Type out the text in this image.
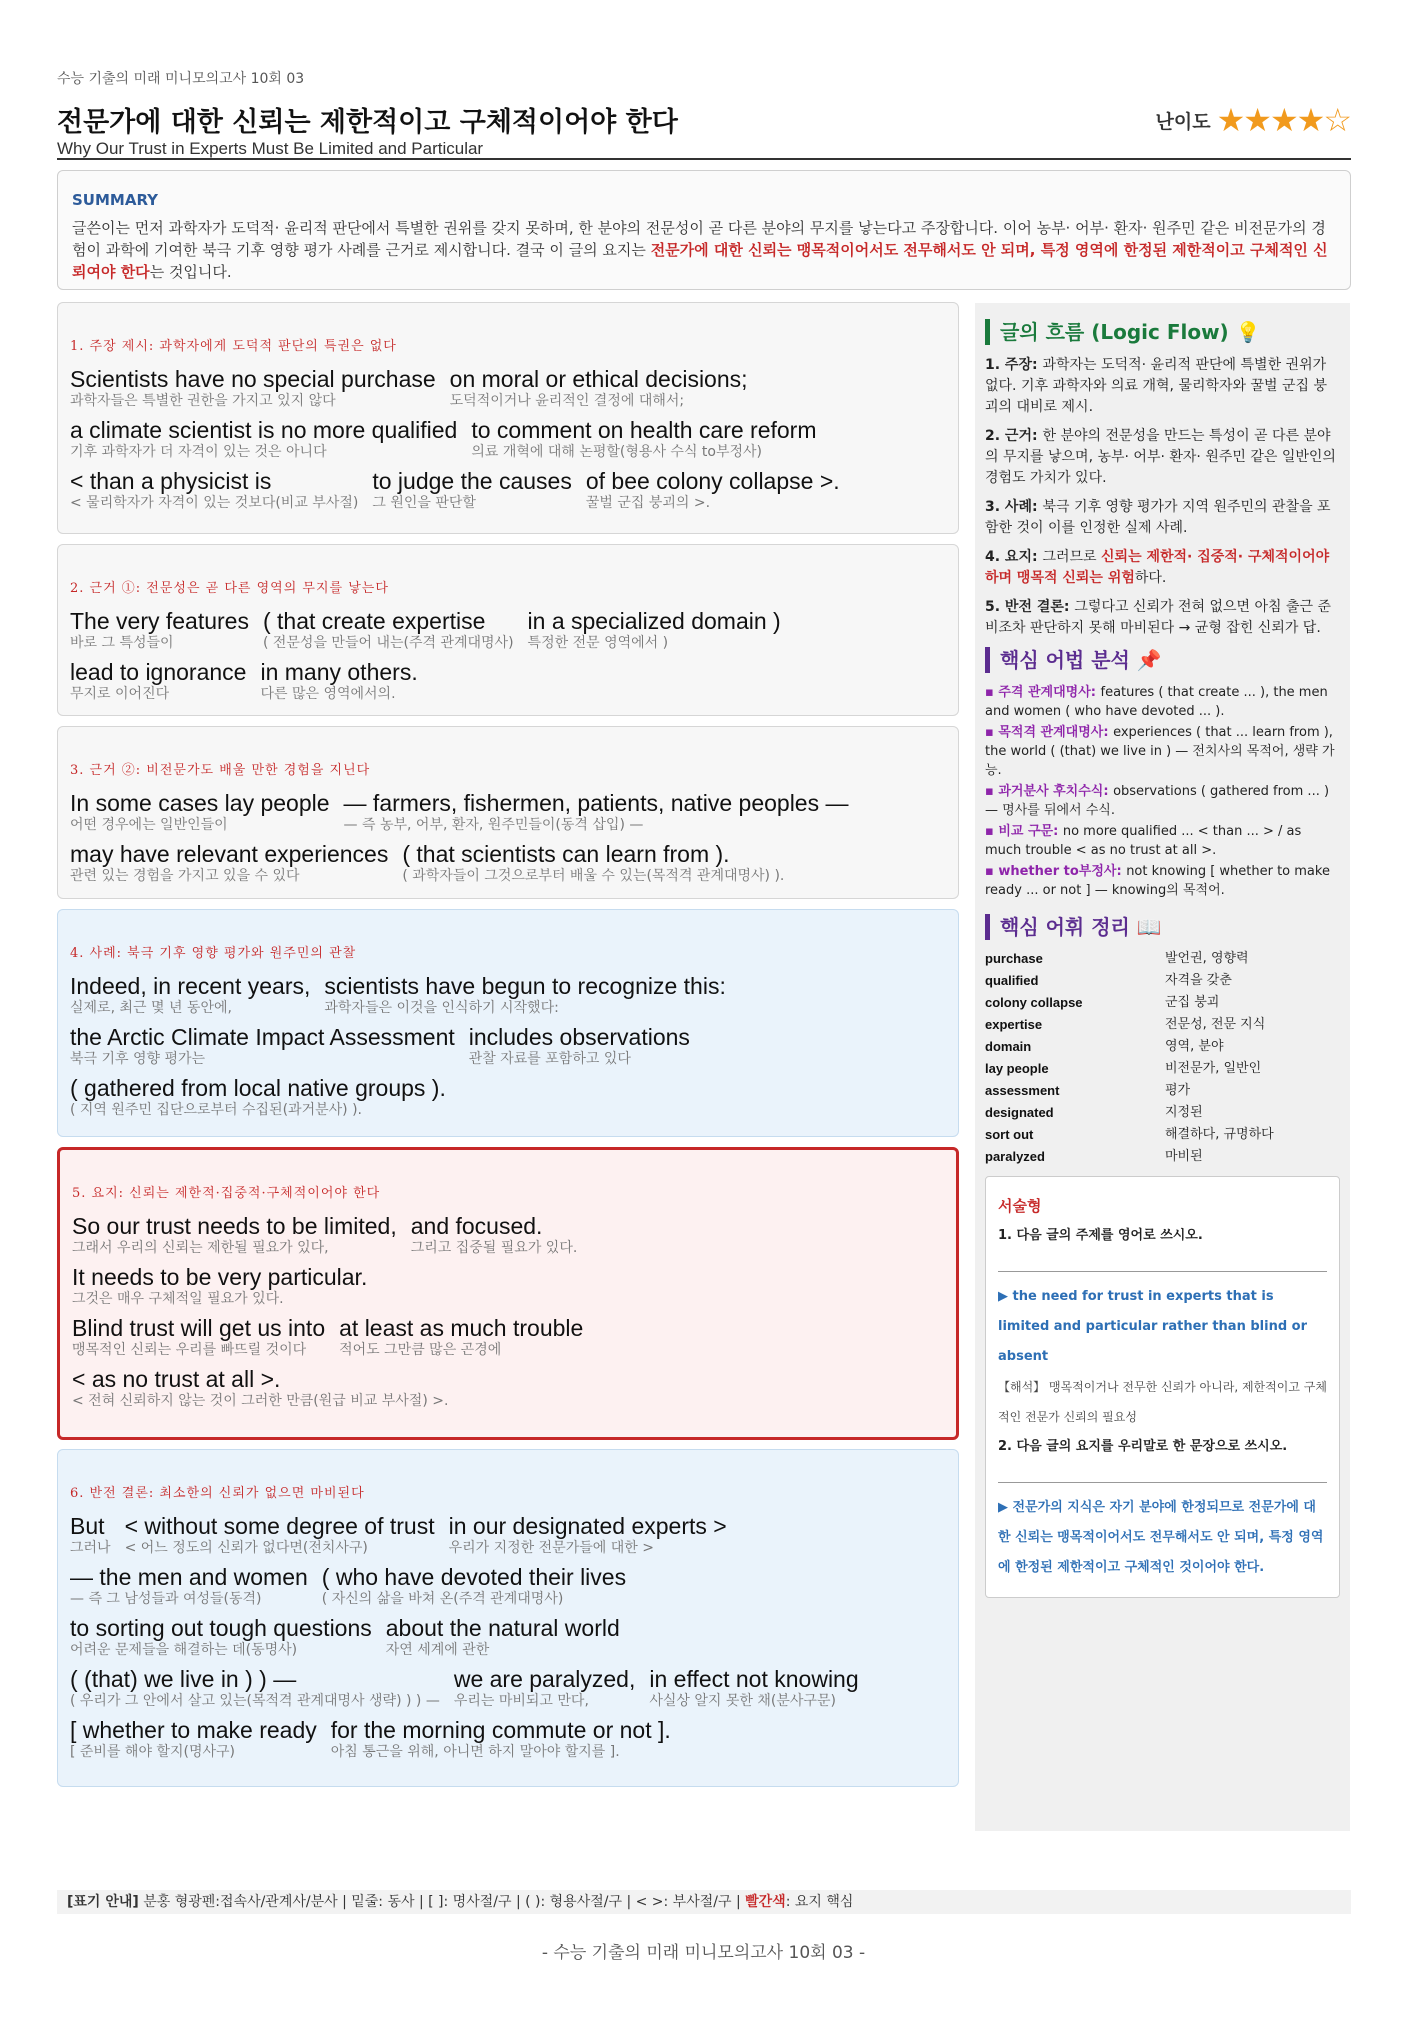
수능 기출의 미래 미니모의고사 10회 03
전문가에 대한 신뢰는 제한적이고 구체적이어야 한다
Why Our Trust in Experts Must Be Limited and Particular
난이도 ★★★★☆
SUMMARY

글쓴이는 먼저 과학자가 도덕적· 윤리적 판단에서 특별한 권위를 갖지 못하며, 한 분야의 전문성이 곧 다른 분야의 무지를 낳는다고 주장합니다. 이어 농부· 어부· 환자· 원주민 같은 비전문가의 경험이 과학에 기여한 북극 기후 영향 평가 사례를 근거로 제시합니다. 결국 이 글의 요지는 전문가에 대한 신뢰는 맹목적이어서도 전무해서도 안 되며, 특정 영역에 한정된 제한적이고 구체적인 신뢰여야 한다는 것입니다.

1. 주장 제시: 과학자에게 도덕적 판단의 특권은 없다
Scientists have no special purchase
과학자들은 특별한 권한을 가지고 있지 않다
on moral or ethical decisions;
도덕적이거나 윤리적인 결정에 대해서;
a climate scientist is no more qualified
기후 과학자가 더 자격이 있는 것은 아니다
to comment on health care reform
의료 개혁에 대해 논평할(형용사 수식 to부정사)
< than a physicist is
< 물리학자가 자격이 있는 것보다(비교 부사절)
to judge the causes
그 원인을 판단할
of bee colony collapse >.
꿀벌 군집 붕괴의 >.
2. 근거 ①: 전문성은 곧 다른 영역의 무지를 낳는다
The very features
바로 그 특성들이
( that create expertise
( 전문성을 만들어 내는(주격 관계대명사)
in a specialized domain )
특정한 전문 영역에서 )
lead to ignorance
무지로 이어진다
in many others.
다른 많은 영역에서의.
3. 근거 ②: 비전문가도 배울 만한 경험을 지닌다
In some cases lay people
어떤 경우에는 일반인들이
— farmers, fishermen, patients, native peoples —
— 즉 농부, 어부, 환자, 원주민들이(동격 삽입) —
may have relevant experiences
관련 있는 경험을 가지고 있을 수 있다
( that scientists can learn from ).
( 과학자들이 그것으로부터 배울 수 있는(목적격 관계대명사) ).
4. 사례: 북극 기후 영향 평가와 원주민의 관찰
Indeed, in recent years,
실제로, 최근 몇 년 동안에,
scientists have begun to recognize this:
과학자들은 이것을 인식하기 시작했다:
the Arctic Climate Impact Assessment
북극 기후 영향 평가는
includes observations
관찰 자료를 포함하고 있다
( gathered from local native groups ).
( 지역 원주민 집단으로부터 수집된(과거분사) ).
5. 요지: 신뢰는 제한적·집중적·구체적이어야 한다
So our trust needs to be limited,
그래서 우리의 신뢰는 제한될 필요가 있다,
and focused.
그리고 집중될 필요가 있다.
It needs to be very particular.
그것은 매우 구체적일 필요가 있다.
Blind trust will get us into
맹목적인 신뢰는 우리를 빠뜨릴 것이다
at least as much trouble
적어도 그만큼 많은 곤경에
< as no trust at all >.
< 전혀 신뢰하지 않는 것이 그러한 만큼(원급 비교 부사절) >.
6. 반전 결론: 최소한의 신뢰가 없으면 마비된다
But
그러나
< without some degree of trust
< 어느 정도의 신뢰가 없다면(전치사구)
in our designated experts >
우리가 지정한 전문가들에 대한 >
— the men and women
— 즉 그 남성들과 여성들(동격)
( who have devoted their lives
( 자신의 삶을 바쳐 온(주격 관계대명사)
to sorting out tough questions
어려운 문제들을 해결하는 데(동명사)
about the natural world
자연 세계에 관한
( (that) we live in ) ) —
( 우리가 그 안에서 살고 있는(목적격 관계대명사 생략) ) ) —
we are paralyzed,
우리는 마비되고 만다,
in effect not knowing
사실상 알지 못한 채(분사구문)
[ whether to make ready
[ 준비를 해야 할지(명사구)
for the morning commute or not ].
아침 통근을 위해, 아니면 하지 말아야 할지를 ].
글의 흐름 (Logic Flow) 💡

1. 주장: 과학자는 도덕적· 윤리적 판단에 특별한 권위가 없다. 기후 과학자와 의료 개혁, 물리학자와 꿀벌 군집 붕괴의 대비로 제시.

2. 근거: 한 분야의 전문성을 만드는 특성이 곧 다른 분야의 무지를 낳으며, 농부· 어부· 환자· 원주민 같은 일반인의 경험도 가치가 있다.

3. 사례: 북극 기후 영향 평가가 지역 원주민의 관찰을 포함한 것이 이를 인정한 실제 사례.

4. 요지: 그러므로 신뢰는 제한적· 집중적· 구체적이어야 하며 맹목적 신뢰는 위험하다.

5. 반전 결론: 그렇다고 신뢰가 전혀 없으면 아침 출근 준비조차 판단하지 못해 마비된다 → 균형 잡힌 신뢰가 답.

핵심 어법 분석 📌

▪ 주격 관계대명사: features ( that create ... ), the men and women ( who have devoted ... ).

▪ 목적격 관계대명사: experiences ( that ... learn from ), the world ( (that) we live in ) — 전치사의 목적어, 생략 가능.

▪ 과거분사 후치수식: observations ( gathered from ... ) — 명사를 뒤에서 수식.

▪ 비교 구문: no more qualified ... < than ... > / as much trouble < as no trust at all >.

▪ whether to부정사: not knowing [ whether to make ready ... or not ] — knowing의 목적어.

핵심 어휘 정리 📖
purchase	발언권, 영향력
qualified	자격을 갖춘
colony collapse	군집 붕괴
expertise	전문성, 전문 지식
domain	영역, 분야
lay people	비전문가, 일반인
assessment	평가
designated	지정된
sort out	해결하다, 규명하다
paralyzed	마비된
서술형
1. 다음 글의 주제를 영어로 쓰시오.
▶ the need for trust in experts that is limited and particular rather than blind or absent
【해석】 맹목적이거나 전무한 신뢰가 아니라, 제한적이고 구체적인 전문가 신뢰의 필요성
2. 다음 글의 요지를 우리말로 한 문장으로 쓰시오.
▶ 전문가의 지식은 자기 분야에 한정되므로 전문가에 대한 신뢰는 맹목적이어서도 전무해서도 안 되며, 특정 영역에 한정된 제한적이고 구체적인 것이어야 한다.
[표기 안내] 분홍 형광펜:접속사/관계사/분사 | 밑줄: 동사 | [ ]: 명사절/구 | ( ): 형용사절/구 | < >: 부사절/구 | 빨간색: 요지 핵심
- 수능 기출의 미래 미니모의고사 10회 03 -
